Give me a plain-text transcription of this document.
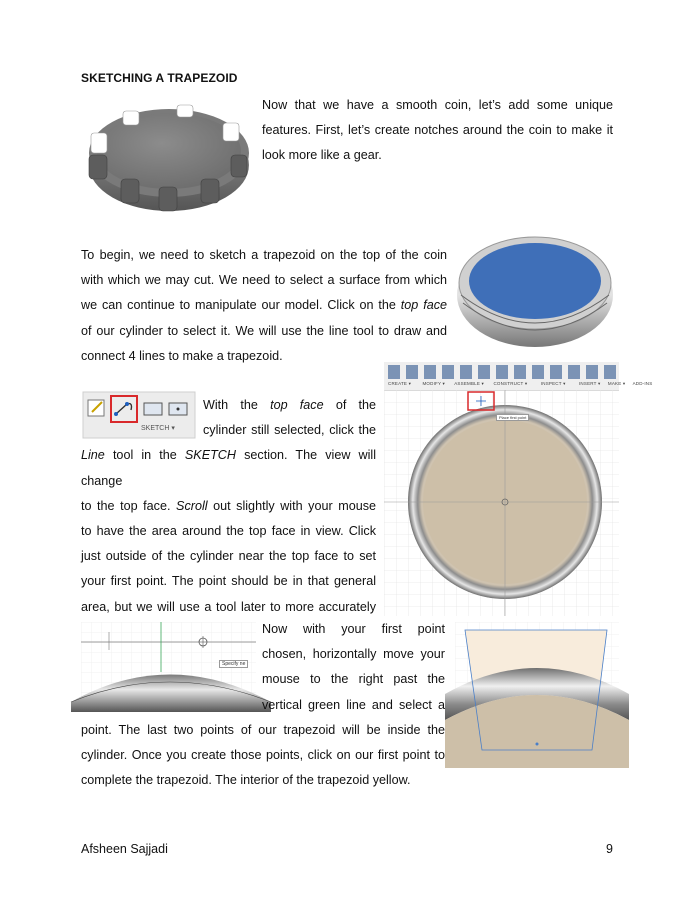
SKETCHING A TRAPEZOID
Now that we have a smooth coin, let’s add some unique
features. First, let’s create notches around the coin to make it
look more like a gear.
To begin, we need to sketch a trapezoid on the top of the coin
with which we may cut. We need to select a surface from which
we can continue to manipulate our model. Click on the top face
of our cylinder to select it. We will use the line tool to draw and
connect 4 lines to make a trapezoid.
SKETCH ▾
With the top face of the
cylinder still selected, click the
Line tool in the SKETCH section. The view will change
to the top face. Scroll out slightly with your mouse
to have the area around the top face in view. Click
just outside of the cylinder near the top face to set
your first point. The point should be in that general
area, but we will use a tool later to more accurately
CREATE ▾	MODIFY ▾ ASSEMBLE ▾ CONSTRUCT ▾	INSPECT ▾	INSERT ▾ MAKE ▾ ADD-INS
Place first point
Specify ne
Now with your first point
chosen, horizontally move your
mouse to the right past the
vertical green line and select a
point. The last two points of our trapezoid will be inside the
cylinder. Once you create those points, click on our first point to
complete the trapezoid. The interior of the trapezoid yellow.
Afsheen Sajjadi	9
